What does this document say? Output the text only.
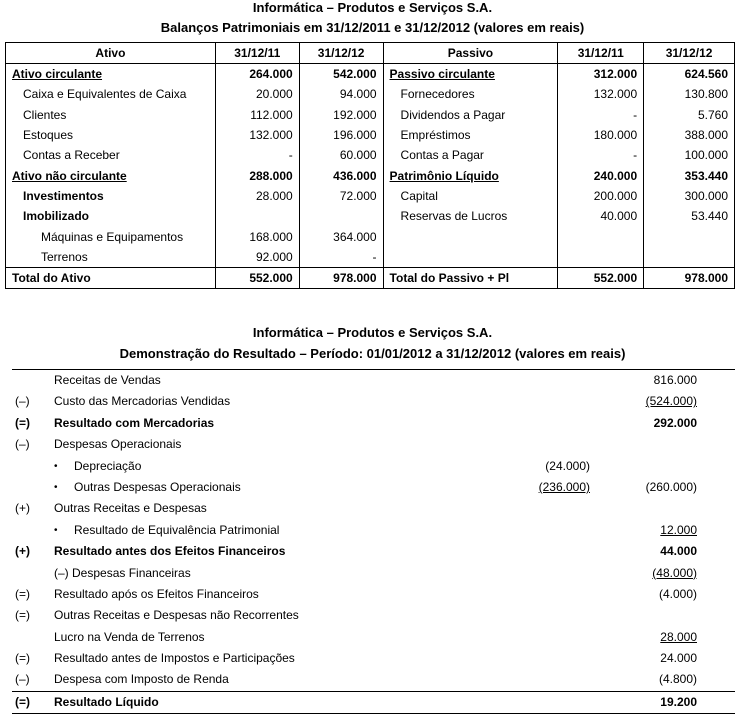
Informática – Produtos e Serviços S.A.
Balanços Patrimoniais em 31/12/2011 e 31/12/2012 (valores em reais)
Ativo	31/12/11	31/12/12	Passivo	31/12/11	31/12/12
Ativo circulante	264.000	542.000	Passivo circulante	312.000	624.560
Caixa e Equivalentes de Caixa	20.000	94.000	Fornecedores	132.000	130.800
Clientes	112.000	192.000	Dividendos a Pagar	-	5.760
Estoques	132.000	196.000	Empréstimos	180.000	388.000
Contas a Receber	-	60.000	Contas a Pagar	-	100.000
Ativo não circulante	288.000	436.000	Patrimônio Líquido	240.000	353.440
Investimentos	28.000	72.000	Capital	200.000	300.000
Imobilizado			Reservas de Lucros	40.000	53.440
Máquinas e Equipamentos	168.000	364.000			
Terrenos	92.000	-			
Total do Ativo	552.000	978.000	Total do Passivo + Pl	552.000	978.000
Informática – Produtos e Serviços S.A.
Demonstração do Resultado – Período: 01/01/2012 a 31/12/2012 (valores em reais)
Receitas de Vendas	816.000
(–) Custo das Mercadorias Vendidas	(524.000)
(=) Resultado com Mercadorias	292.000
(–) Despesas Operacionais
• Depreciação	(24.000)
• Outras Despesas Operacionais	(236.000)	(260.000)
(+) Outras Receitas e Despesas
• Resultado de Equivalência Patrimonial	12.000
(+) Resultado antes dos Efeitos Financeiros	44.000
(–) Despesas Financeiras	(48.000)
(=) Resultado após os Efeitos Financeiros	(4.000)
(=) Outras Receitas e Despesas não Recorrentes
Lucro na Venda de Terrenos	28.000
(=) Resultado antes de Impostos e Participações	24.000
(–) Despesa com Imposto de Renda	(4.800)
(=) Resultado Líquido	19.200
